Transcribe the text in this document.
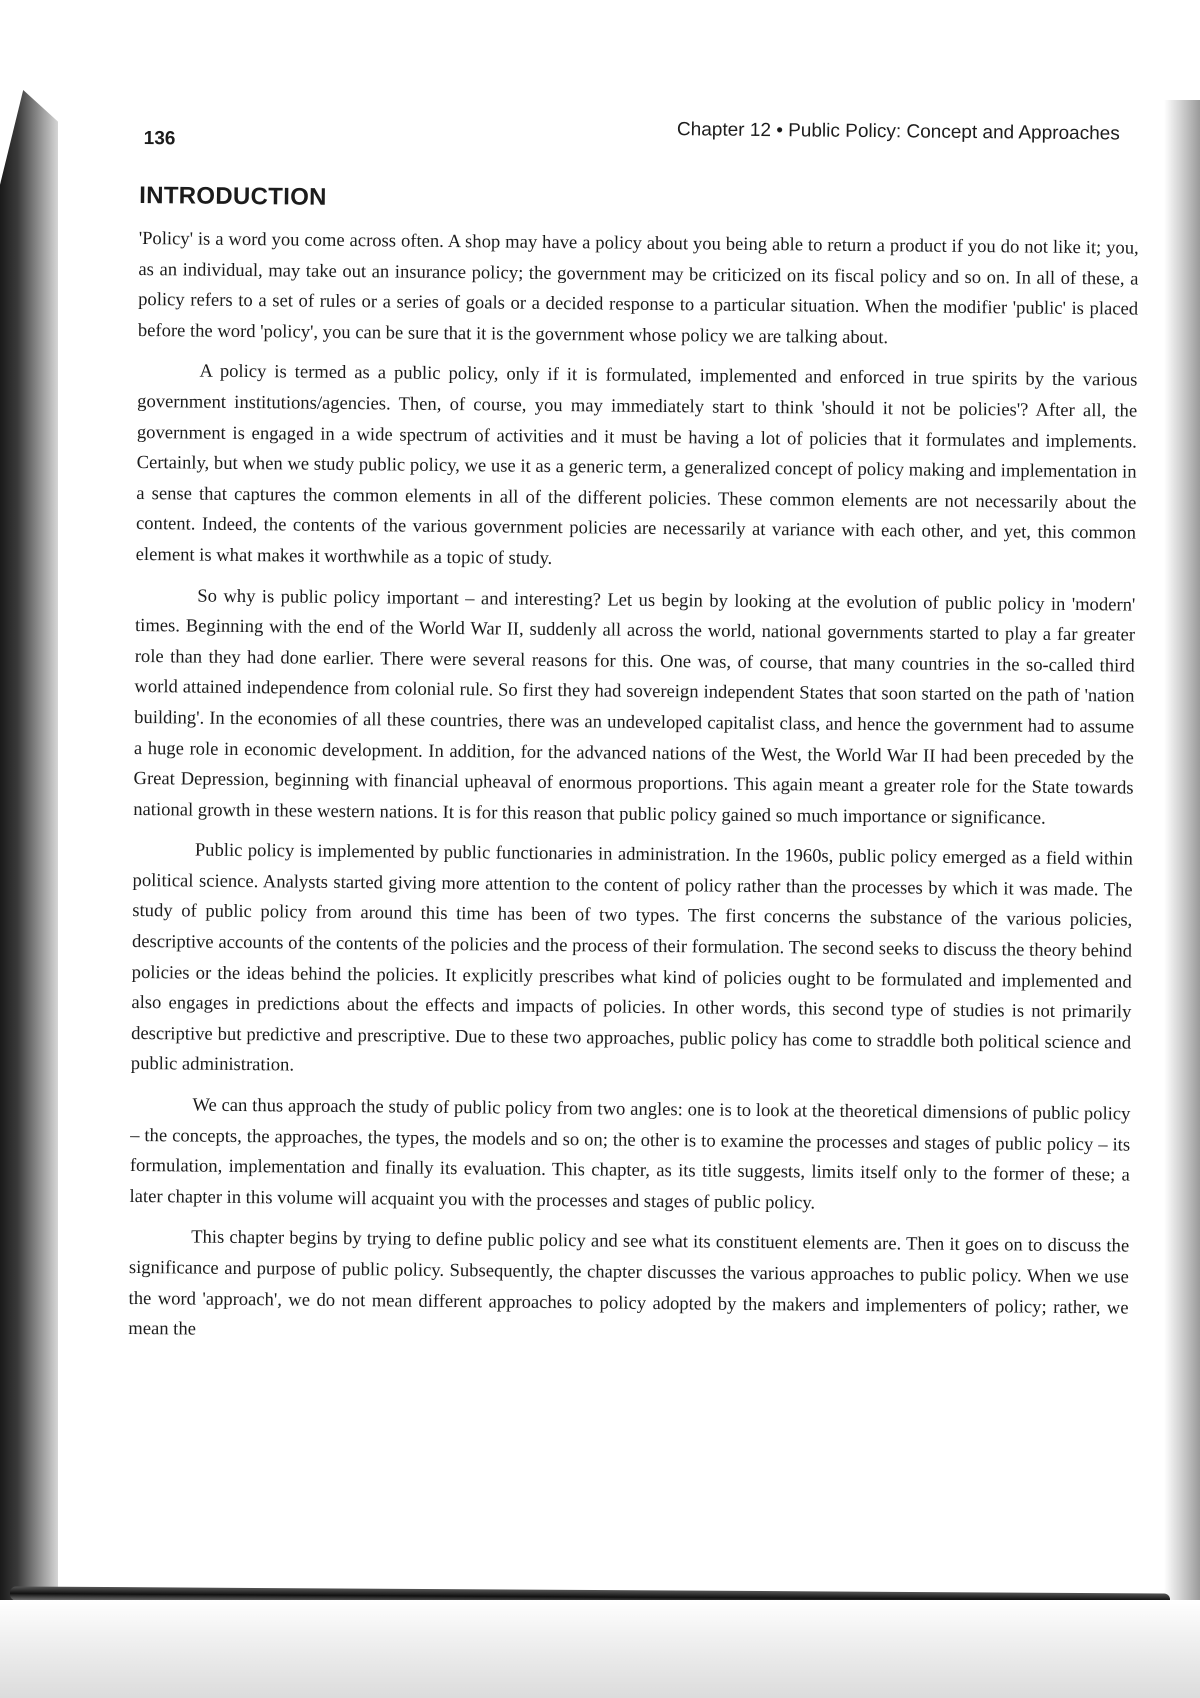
136	Chapter 12 • Public Policy: Concept and Approaches
INTRODUCTION

'Policy' is a word you come across often. A shop may have a policy about you being able to return a product if you do not like it; you, as an individual, may take out an insurance policy; the government may be criticized on its fiscal policy and so on. In all of these, a policy refers to a set of rules or a series of goals or a decided response to a particular situation. When the modifier 'public' is placed before the word 'policy', you can be sure that it is the government whose policy we are talking about.

A policy is termed as a public policy, only if it is formulated, implemented and enforced in true spirits by the various government institutions/agencies. Then, of course, you may immediately start to think 'should it not be policies'? After all, the government is engaged in a wide spectrum of activities and it must be having a lot of policies that it formulates and implements. Certainly, but when we study public policy, we use it as a generic term, a generalized concept of policy making and implementation in a sense that captures the common elements in all of the different policies. These common elements are not necessarily about the content. Indeed, the contents of the various government policies are necessarily at variance with each other, and yet, this common element is what makes it worthwhile as a topic of study.

So why is public policy important – and interesting? Let us begin by looking at the evolution of public policy in 'modern' times. Beginning with the end of the World War II, suddenly all across the world, national governments started to play a far greater role than they had done earlier. There were several reasons for this. One was, of course, that many countries in the so-called third world attained independence from colonial rule. So first they had sovereign independent States that soon started on the path of 'nation building'. In the economies of all these countries, there was an undeveloped capitalist class, and hence the government had to assume a huge role in economic development. In addition, for the advanced nations of the West, the World War II had been preceded by the Great Depression, beginning with financial upheaval of enormous proportions. This again meant a greater role for the State towards national growth in these western nations. It is for this reason that public policy gained so much importance or significance.

Public policy is implemented by public functionaries in administration. In the 1960s, public policy emerged as a field within political science. Analysts started giving more attention to the content of policy rather than the processes by which it was made. The study of public policy from around this time has been of two types. The first concerns the substance of the various policies, descriptive accounts of the contents of the policies and the process of their formulation. The second seeks to discuss the theory behind policies or the ideas behind the policies. It explicitly prescribes what kind of policies ought to be formulated and implemented and also engages in predictions about the effects and impacts of policies. In other words, this second type of studies is not primarily descriptive but predictive and prescriptive. Due to these two approaches, public policy has come to straddle both political science and public administration.

We can thus approach the study of public policy from two angles: one is to look at the theoretical dimensions of public policy – the concepts, the approaches, the types, the models and so on; the other is to examine the processes and stages of public policy – its formulation, implementation and finally its evaluation. This chapter, as its title suggests, limits itself only to the former of these; a later chapter in this volume will acquaint you with the processes and stages of public policy.

This chapter begins by trying to define public policy and see what its constituent elements are. Then it goes on to discuss the significance and purpose of public policy. Subsequently, the chapter discusses the various approaches to public policy. When we use the word 'approach', we do not mean different approaches to policy adopted by the makers and implementers of policy; rather, we mean the
